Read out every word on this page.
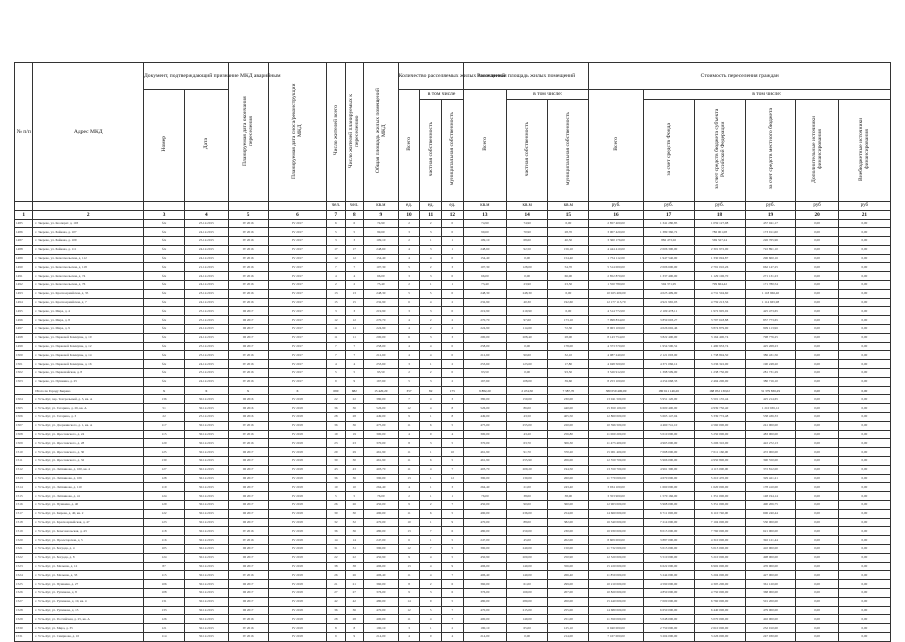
№ п/п	Адрес МКД	Документ, подтверждающий признание МКД аварийным		Планируемая дата окончания переселения	Планируемая дата сноса/реконструкции МКД	Число жителей всего	Число жителей планируемых к переселению	Общая площадь жилых помещений МКД	Количество расселяемых жилых помещений			Расселяемая площадь жилых помещений			Стоимость переселения граждан					
		Номер	Дата						Всего	в том числе		Всего	в том числе:		Всего	в том числе:				
										частная собственность	муниципальная собственность		частная собственность	муниципальная собственность		за счет средств Фонда	за счет средств бюджета субъекта Российской Федерации	за счет средств местного бюджета	Дополнительные источники финансирования	Внебюджетные источники финансирования
						чел.	чел.	кв.м	ед.	ед.	ед.	кв.м	кв.м	кв.м	руб.	руб.	руб.	руб.	руб	руб
1	2	3	4	5	6	7	8	9	10	11	12	13	14	15	16	17	18	19	20	21
1485	г. Зверево, ул. Кооперат. д. 103	б/н	25.12.2015	IV 2016	IV 2017	6	6	74,90	2	2	0	74,90	74,90	0,00	2 857 400,00	1 341 280,85	1 059 127,98	457 041,17	0,00	0,00
1486	г. Зверево, ул. Байкова, д. 107	б/н	24.12.2015	IV 2016	IV 2017	5	5	99,60	3	3	0	99,60	70,90	28,70	3 007 420,00	1 389 360,72	786 001,08	173 911,60	0,00	0,00
1487	г. Зверево, ул. Байкова, д. 109	б/н	25.12.2015	IV 2016	IV 2017	3	3	109,10	2	1	1	109,10	68,60	40,50	3 360 176,00	882 473,02	569 327,24	226 765,96	0,00	0,00
1488	г. Зверево, ул. Байкова, д. 111	б/н	24.12.2015	IV 2016	IV 2017	17	17	248,60	4	3	1	248,60	92,50	156,10	4 444 410,00	2 006 300,00	2 301 972,00	722 891,10	0,00	0,00
1489	г. Зверево, ул. Комсомольская, д. 112	б/н	24.12.2015	IV 2016	IV 2017	12	12	154,40	4	4	0	154,40	0,00	154,40	1 754 112,00	1 947 540,00	1 330 094,87	296 600,16	0,00	0,00
1490	г. Зверево, ул. Комсомольская, д. 118	б/н	21.12.2015	IV 2016	IV 2017	7	7	107,30	5	2	3	107,30	128,00	54,70	5 514 000,00	2 006 600,00	2 791 010,26	662 147,25	0,00	0,00
1491	г. Зверево, ул. Комсомольская, д. 74	б/н	24.12.2015	IV 2016	IV 2017	4	4	66,00	3	3	0	66,00	0,00	66,00	2 852 870,00	1 337 400,00	1 129 106,70	271 131,23	0,00	0,00
1492	г. Зверево, ул. Комсомольская, д. 76	б/н	24.12.2015	IV 2016	IV 2017	2	2	73,40	2	1	1	73,40	23,90	23,50	1 550 780,00	594 371,95	799 664,42	171 780,54	0,00	0,00
1493	г. Зверево, ул. Красноармейская, д. 35	б/н	23.12.2015	IV 2016	IV 2017	13	13	248,30	5	5	0	248,30	248,30	0,00	10 025 400,00	4 025 499,00	4 731 504,60	1 118 966,40	0,00	0,00
1494	г. Зверево, ул. Красноармейская, д. 7	б/н	24.12.2015	IV 2016	IV 2017	15	15	232,90	6	4	2	232,90	40,30	192,60	12 177 113,70	4 921 965,03	4 759 213,56	1 114 665,98	0,00	0,00
1495	г. Зверево, ул. Мира, д. 4	б/н	25.12.2015	III 2017	IV 2017	3	3	219,90	3	3	0	219,90	219,90	0,00	4 514 772,00	2 109 478,11	1 972 905,02	425 473,65	0,00	0,00
1496	г. Зверево, ул. Мира, д. 8	б/н	25.12.2015	III 2017	IV 2017	12	12	270,70	4	2	2	270,70	97,60	173,10	7 998 834,00	3 859 603,27	3 797 618,88	857 773,65	0,00	0,00
1497	г. Зверево, ул. Мира, д. 9	б/н	22.12.2015	III 2017	IV 2017	11	11	224,90	4	2	2	224,90	114,60	72,30	8 063 100,00	4 026 602,46	3 874 879,90	909 113,96	0,00	0,00
1498	г. Зверево, ул. Парковой Коммуны, д. 10	б/н	24.12.2015	III 2017	IV 2017	11	11	200,00	6	3	3	200,00	208,40	28,00	8 143 754,00	3 822 400,00	3 164 400,74	798 776,25	0,00	0,00
1499	г. Зверево, ул. Парковой Коммуны, д. 12	б/н	25.12.2015	III 2017	IV 2017	7	7	258,00	4	4	0	258,00	0,00	178,00	4 373 570,00	1 954 500,52	1 490 933,74	425 268,23	0,00	0,00
1500	г. Зверево, ул. Парковой Коммуны, д. 14	б/н	25.12.2015	IV 2016	IV 2017	7	7	212,60	4	4	0	212,60	90,60	32,10	4 087 240,00	2 121 003,00	1 738 804,50	386 431,56	0,00	0,00
1501	г. Зверево, ул. Парковой Коммуны, д. 16	б/н	24.12.2015	IV 2016	IV 2017	4	4	253,60	3	1	2	253,60	123,60	17,80	4 048 500,00	4 371 066,12	3 236 322,00	190 248,20	0,00	0,00
1502	г. Зверево, ул. Первомайская, д. 8	б/н	25.12.2015	IV 2016	IV 2017	5	5	93,50	2	2	0	93,50	0,00	93,50	3 526 912,00	1 398 509,00	1 238 750,00	281 731,29	0,00	0,00
1503	г. Зверево, ул. Пушкина, д. 25	б/н	24.12.2015	IV 2016	IV 2017	9	9	167,60	5	3	2	167,60	108,00	39,60	8 253 100,00	4 254 668,33	2 494 200,00	380 716,10	0,00	0,00
	Итого по Городу Зверево	Х	Х	Х	Х	690	682	15 420,20	357	82	175	9 882,20	2 474,50	7 387,70	380 059 400,00	180 611 146,26	168 052 130,02	31 379 836,29	0,00	0,00
1504	г. Усть-Кут, пер. Театральный, д. 3, кв. А	136	30.12.2015	III 2016	IV 2018	22	22	380,00	7	4	3	380,00	150,00	230,00	13 041 500,00	5 951 120,00	5 501 135,44	425 214,65	0,00	0,00
1505	г. Усть-Кут, ул. Гагарина, д. 26, кв. А	51	30.12.2015	III 2016	IV 2018	36	36	526,00	12	4	8	526,00	86,00	440,00	15 650 100,00	6 600 400,00	4 939 750,40	1 210 665,12	0,00	0,00
1506	г. Усть-Кут, ул. Гагарина, д. 3	22	25.12.2015	III 2016	IV 2018	28	28	449,00	9	1	8	449,00	43,50	405,50	12 860 000,00	5 665 147,04	5 339 772,48	538 436,33	0,00	0,00
1507	г. Усть-Кут, ул. Дзержинского, д. 1, кв. А	117	30.12.2015	IV 2016	IV 2018	36	36	475,00	11	6	5	475,00	255,00	220,00	10 596 500,00	4 460 741,10	4 560 000,00	241 000,00	0,00	0,00
1508	г. Усть-Кут, ул. Ярославского, д. 24	115	30.12.2015	IV 2016	IV 2018	19	19	300,00	4	0	4	300,00	43,20	256,80	11 060 200,00	5 010 000,00	5 250 000,00	483 000,00	0,00	0,00
1509	г. Усть-Кут, ул. Ярославского, д. 28	120	30.12.2015	IV 2016	IV 2018	23	23	370,00	8	3	5	370,00	63,70	306,30	11 473 400,00	4 965 000,00	5 206 310,00	422 272,13	0,00	0,00
1510	г. Усть-Кут, ул. Ярославского, д. 30	125	30.12.2015	III 2017	IV 2018	29	29	461,90	11	1	10	461,90	91,70	370,20	15 001 400,00	7 068 000,00	7 011 160,00	472 000,00	0,00	0,00
1511	г. Усть-Кут, ул. Ярославского, д. 32	130	30.12.2015	III 2017	IV 2018	30	30	461,90	11	6	5	461,90	255,90	206,00	12 550 700,00	5 966 000,00	4 950 800,00	390 550,00	0,00	0,00
1512	г. Усть-Кут, ул. Литвинова, д. 100, кв. 4	127	30.12.2015	III 2017	IV 2018	43	43	403,70	11	4	7	403,70	209,20	194,50	13 550 700,00	4 961 300,00	4 115 000,00	372 812,00	0,00	0,00
1513	г. Усть-Кут, ул. Литвинова, д. 106	128	30.12.2015	III 2017	IV 2018	36	36	390,00	13	1	12	390,00	130,00	260,00	11 770 000,00	4 670 000,00	5 210 470,00	329 421,21	0,00	0,00
1514	г. Усть-Кут, ул. Литвинова, д. 110	119	30.12.2015	III 2017	IV 2018	10	10	264,40	4	1	3	264,40	21,00	243,40	3 934 100,00	1 660 000,00	1 620 000,00	178 410,00	0,00	0,00
1515	г. Усть-Кут, ул. Литвинова, д. 41	124	30.12.2015	III 2017	IV 2018	5	5	76,00	2	1	1	76,00	38,00	38,00	3 353 900,00	1 570 166,00	1 351 000,00	148 194,14	0,00	0,00
1516	г. Усть-Кут, ул. Пушкина, д. 40	129	30.12.2015	III 2017	IV 2018	26	26	450,00	9	2	7	450,00	90,00	360,00	12 963 000,00	5 968 000,00	5 351 000,00	490 206,75	0,00	0,00
1517	г. Усть-Кут, ул. Кирова, д. 40, кв. 2	122	30.12.2015	III 2017	IV 2018	30	30	490,00	11	6	5	490,00	236,00	254,00	14 660 000,00	6 711 000,00	6 110 740,00	606 240,44	0,00	0,00
1518	г. Усть-Кут, ул. Красноармейская, д. 47	123	30.12.2015	III 2017	IV 2018	32	32	470,00	10	1	9	470,00	88,00	382,00	16 340 000,00	7 214 000,00	7 104 000,00	530 000,00	0,00	0,00
1519	г. Усть-Кут, ул. Комсомольская, д. 43	118	30.12.2015	IV 2016	IV 2018	36	36	480,00	13	7	6	480,00	250,00	230,00	16 930 000,00	8 015 000,00	7 760 000,00	621 000,00	0,00	0,00
1520	г. Усть-Кут, ул. Пролетарская, д. 5	116	30.12.2015	IV 2016	IV 2018	14	14	247,00	6	1	5	247,00	45,00	202,00	8 609 000,00	3 887 000,00	4 310 000,00	392 121,44	0,00	0,00
1521	г. Усть-Кут, ул. Бограда, д. 4	105	30.12.2015	III 2017	IV 2018	31	31	390,00	12	7	5	390,00	240,00	150,00	11 732 000,00	5 015 000,00	5 013 000,00	410 000,00	0,00	0,00
1522	г. Усть-Кут, ул. Бограда, д. 8	124	30.12.2015	III 2017	IV 2018	22	22	450,90	9	4	5	450,90	200,00	250,90	12 520 000,00	5 510 000,00	5 210 000,00	498 000,00	0,00	0,00
1523	г. Усть-Кут, ул. Малыша, д. 12	87	30.12.2015	III 2017	IV 2018	38	38	496,00	13	4	9	496,00	140,00	356,00	15 220 000,00	6 622 000,00	6 902 000,00	476 000,00	0,00	0,00
1524	г. Усть-Кут, ул. Малыша, д. 33	115	30.12.2015	IV 2016	IV 2018	26	26	406,40	11	4	7	406,40	140,00	266,40	11 850 000,00	5 244 000,00	5 204 000,00	427 000,00	0,00	0,00
1525	г. Усть-Кут, ул. Пушкина, д. 27	106	30.12.2015	III 2017	IV 2018	21	21	360,00	8	2	6	360,00	61,00	299,00	10 210 000,00	4 590 000,00	4 305 200,00	361 120,00	0,00	0,00
1526	г. Усть-Кут, ул. Рупинова, д. 8	108	30.12.2015	III 2017	IV 2018	27	27	376,00	9	3	6	376,00	169,00	207,00	10 820 000,00	4 850 000,00	4 750 000,00	368 000,00	0,00	0,00
1527	г. Усть-Кут, ул. Рупинова, д. 10, кв. 4	131	30.12.2015	III 2017	IV 2018	42	42	480,00	14	9	5	480,00	280,00	200,00	15 440 000,00	7 000 000,00	6 760 000,00	501 200,00	0,00	0,00
1528	г. Усть-Кут, ул. Рупинова, д. 15	133	30.12.2015	III 2017	IV 2018	36	36	470,00	12	5	7	470,00	215,00	255,00	14 680 000,00	6 650 000,00	6 440 000,00	479 000,00	0,00	0,00
1529	г. Усть-Кут, ул. Российская, д. 25, кв. А	126	30.12.2015	IV 2016	IV 2018	28	28	400,00	11	4	7	400,00	149,00	251,00	11 390 000,00	5 048 000,00	5 070 000,00	402 000,00	0,00	0,00
1530	г. Усть-Кут, ул. Мира, д. 35	121	30.12.2015	IV 2016	IV 2018	8	8	190,10	3	1	2	190,10	65,00	125,10	6 040 000,00	2 750 000,00	2 610 000,00	232 010,00	0,00	0,00
1531	г. Усть-Кут, ул. Смирнова, д. 10	114	30.12.2015	IV 2016	IV 2018	9	9	214,00	4	0	4	214,00	0,00	214,00	7 167 000,00	3 204 000,00	3 226 000,00	247 030,00	0,00	0,00
